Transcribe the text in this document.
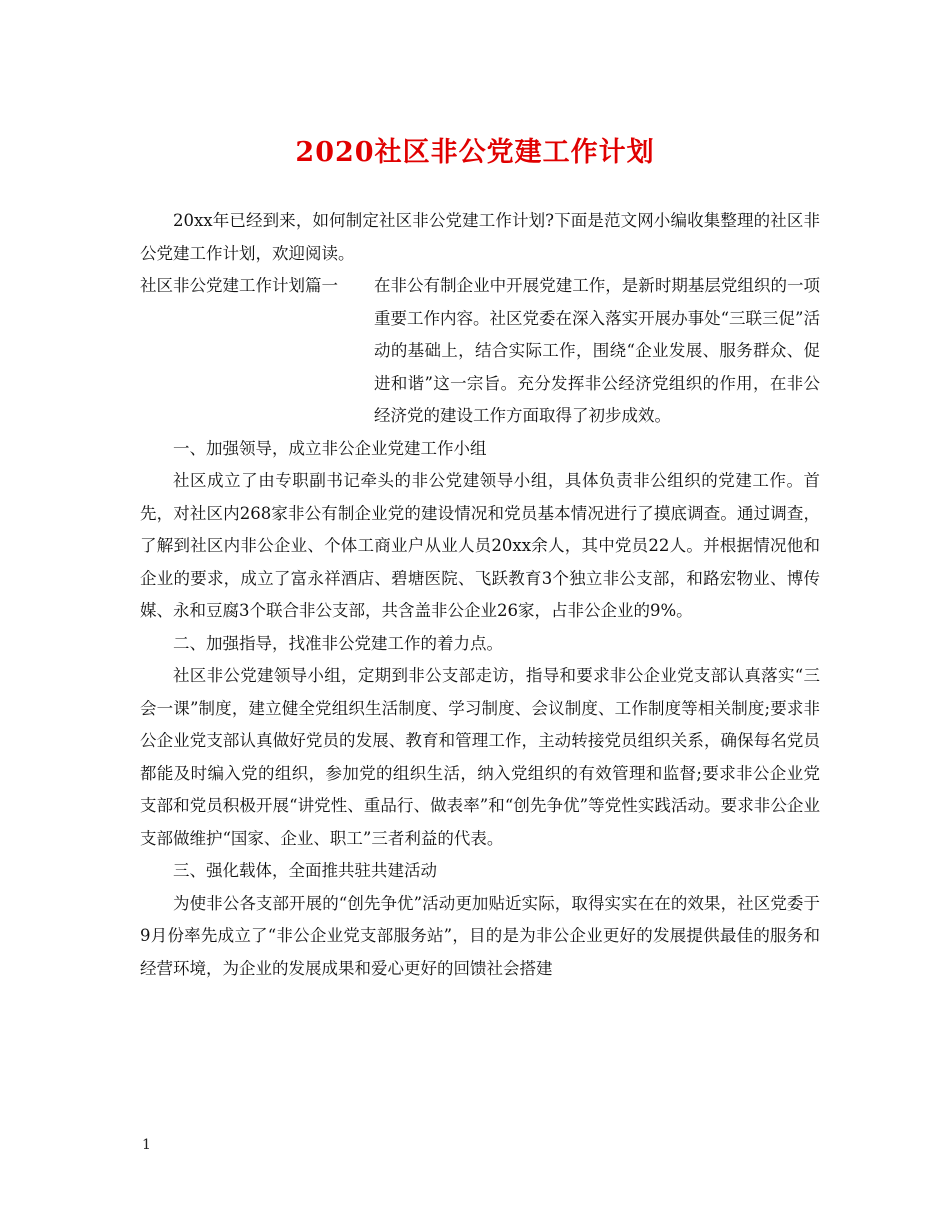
2020社区非公党建工作计划

20xx年已经到来，如何制定社区非公党建工作计划?下面是范文网小编收集整理的社区非公党建工作计划，欢迎阅读。

社区非公党建工作计划篇一	在非公有制企业中开展党建工作，是新时期基层党组织的一项重要工作内容。社区党委在深入落实开展办事处“三联三促”活动的基础上，结合实际工作，围绕“企业发展、服务群众、促进和谐”这一宗旨。充分发挥非公经济党组织的作用，在非公经济党的建设工作方面取得了初步成效。

一、加强领导，成立非公企业党建工作小组

社区成立了由专职副书记牵头的非公党建领导小组，具体负责非公组织的党建工作。首先，对社区内268家非公有制企业党的建设情况和党员基本情况进行了摸底调查。通过调查，了解到社区内非公企业、个体工商业户从业人员20xx余人，其中党员22人。并根据情况他和企业的要求，成立了富永祥酒店、碧塘医院、飞跃教育3个独立非公支部，和路宏物业、博传媒、永和豆腐3个联合非公支部，共含盖非公企业26家，占非公企业的9%。

二、加强指导，找准非公党建工作的着力点。

社区非公党建领导小组，定期到非公支部走访，指导和要求非公企业党支部认真落实“三会一课”制度，建立健全党组织生活制度、学习制度、会议制度、工作制度等相关制度;要求非公企业党支部认真做好党员的发展、教育和管理工作，主动转接党员组织关系，确保每名党员都能及时编入党的组织，参加党的组织生活，纳入党组织的有效管理和监督;要求非公企业党支部和党员积极开展“讲党性、重品行、做表率”和“创先争优”等党性实践活动。要求非公企业支部做维护“国家、企业、职工”三者利益的代表。

三、强化载体，全面推共驻共建活动

为使非公各支部开展的“创先争优”活动更加贴近实际，取得实实在在的效果，社区党委于9月份率先成立了“非公企业党支部服务站”，目的是为非公企业更好的发展提供最佳的服务和经营环境，为企业的发展成果和爱心更好的回馈社会搭建

1
